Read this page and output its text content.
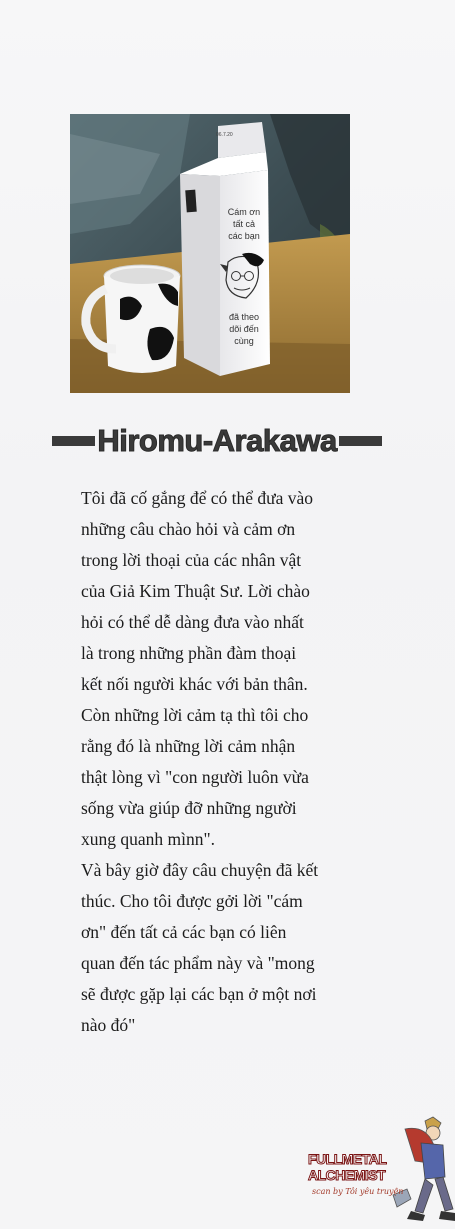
06.7.20
Cám ơn
tất cả
các bạn
đã theo
dõi đến
cùng
Hiromu-Arakawa
Tôi đã cố gắng để có thể đưa vào
những câu chào hỏi và cảm ơn
trong lời thoại của các nhân vật
của Giả Kim Thuật Sư. Lời chào
hỏi có thể dễ dàng đưa vào nhất
là trong những phần đàm thoại
kết nối người khác với bản thân.
Còn những lời cảm tạ thì tôi cho
rằng đó là những lời cảm nhận
thật lòng vì "con người luôn vừa
sống vừa giúp đỡ những người
xung quanh mìnn".
Và bây giờ đây câu chuyện đã kết
thúc. Cho tôi được gởi lời "cám
ơn" đến tất cả các bạn có liên
quan đến tác phẩm này và "mong
sẽ được gặp lại các bạn ở một nơi
nào đó"
FULLMETAL
ALCHEMIST
scan by Tôi yêu truyện
